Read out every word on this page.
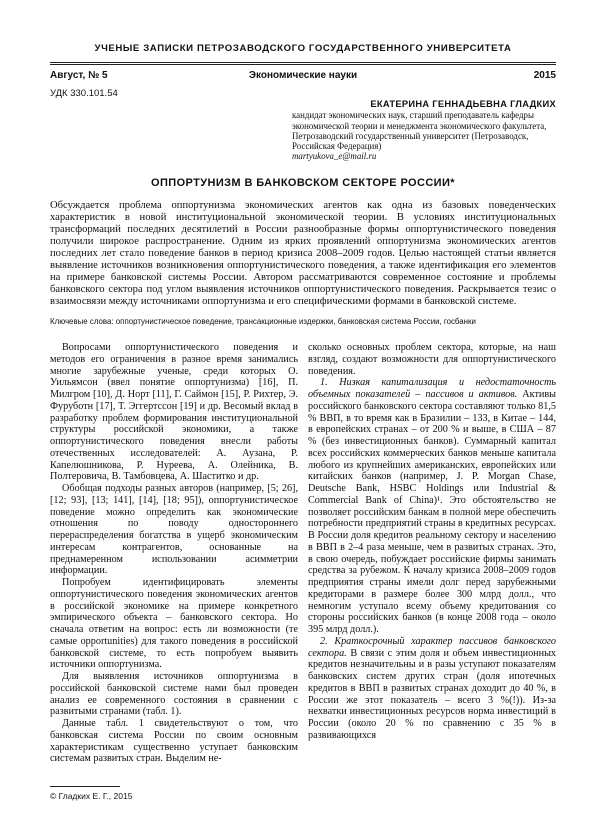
УЧЕНЫЕ ЗАПИСКИ ПЕТРОЗАВОДСКОГО ГОСУДАРСТВЕННОГО УНИВЕРСИТЕТА
Август, № 5	Экономические науки	2015
УДК 330.101.54
ЕКАТЕРИНА ГЕННАДЬЕВНА ГЛАДКИХ
кандидат экономических наук, старший преподаватель кафедры экономической теории и менеджмента экономического факультета, Петрозаводский государственный университет (Петрозаводск, Российская Федерация)
martyukova_e@mail.ru
ОППОРТУНИЗМ В БАНКОВСКОМ СЕКТОРЕ РОССИИ*

Обсуждается проблема оппортунизма экономических агентов как одна из базовых поведенческих характеристик в новой институциональной экономической теории. В условиях институциональных трансформаций последних десятилетий в России разнообразные формы оппортунистического поведения получили широкое распространение. Одним из ярких проявлений оппортунизма экономических агентов последних лет стало поведение банков в период кризиса 2008–2009 годов. Целью настоящей статьи является выявление источников возникновения оппортунистического поведения, а также идентификация его элементов на примере банковской системы России. Автором рассматриваются современное состояние и проблемы банковского сектора под углом выявления источников оппортунистического поведения. Раскрывается тезис о взаимосвязи между источниками оппортунизма и его специфическими формами в банковской системе.

Ключевые слова: оппортунистическое поведение, трансакционные издержки, банковская система России, госбанки

Вопросами оппортунистического поведения и методов его ограничения в разное время занимались многие зарубежные ученые, среди которых О. Уильямсон (ввел понятие оппортунизма) [16], П. Милгром [10], Д. Норт [11], Г. Саймон [15], Р. Рихтер, Э. Фуруботн [17], Т. Эггертссон [19] и др. Весомый вклад в разработку проблем формирования институциональной структуры российской экономики, а также оппортунистического поведения внесли работы отечественных исследователей: А. Аузана, Р. Капелюшникова, Р. Нуреева, А. Олейника, В. Полтеровича, В. Тамбовцева, А. Шаститко и др.

Обобщая подходы разных авторов (например, [5; 26], [12; 93], [13; 141], [14], [18; 95]), оппортунистическое поведение можно определить как экономические отношения по поводу одностороннего перераспределения богатства в ущерб экономическим интересам контрагентов, основанные на преднамеренном использовании асимметрии информации.

Попробуем идентифицировать элементы оппортунистического поведения экономических агентов в российской экономике на примере конкретного эмпирического объекта – банковского сектора. Но сначала ответим на вопрос: есть ли возможности (те самые opportunities) для такого поведения в российской банковской системе, то есть попробуем выявить источники оппортунизма.

Для выявления источников оппортунизма в российской банковской системе нами был проведен анализ ее современного состояния в сравнении с развитыми странами (табл. 1).

Данные табл. 1 свидетельствуют о том, что банковская система России по своим основным характеристикам существенно уступает банковским системам развитых стран. Выделим не-

сколько основных проблем сектора, которые, на наш взгляд, создают возможности для оппортунистического поведения.

1. Низкая капитализация и недостаточность объемных показателей – пассивов и активов. Активы российского банковского сектора составляют только 81,5 % ВВП, в то время как в Бразилии – 133, в Китае – 144, в европейских странах – от 200 % и выше, в США – 87 % (без инвестиционных банков). Суммарный капитал всех российских коммерческих банков меньше капитала любого из крупнейших американских, европейских или китайских банков (например, J. P. Morgan Chase, Deutsche Bank, HSBC Holdings или Industrial & Commercial Bank of China)¹. Это обстоятельство не позволяет российским банкам в полной мере обеспечить потребности предприятий страны в кредитных ресурсах. В России доля кредитов реальному сектору и населению в ВВП в 2–4 раза меньше, чем в развитых странах. Это, в свою очередь, побуждает российские фирмы занимать средства за рубежом. К началу кризиса 2008–2009 годов предприятия страны имели долг перед зарубежными кредиторами в размере более 300 млрд долл., что немногим уступало всему объему кредитования со стороны российских банков (в конце 2008 года – около 395 млрд долл.).

2. Краткосрочный характер пассивов банковского сектора. В связи с этим доля и объем инвестиционных кредитов незначительны и в разы уступают показателям банковских систем других стран (доля ипотечных кредитов в ВВП в развитых странах доходит до 40 %, в России же этот показатель – всего 3 %(!)). Из-за нехватки инвестиционных ресурсов норма инвестиций в России (около 20 % по сравнению с 35 % в развивающихся

© Гладких Е. Г., 2015
